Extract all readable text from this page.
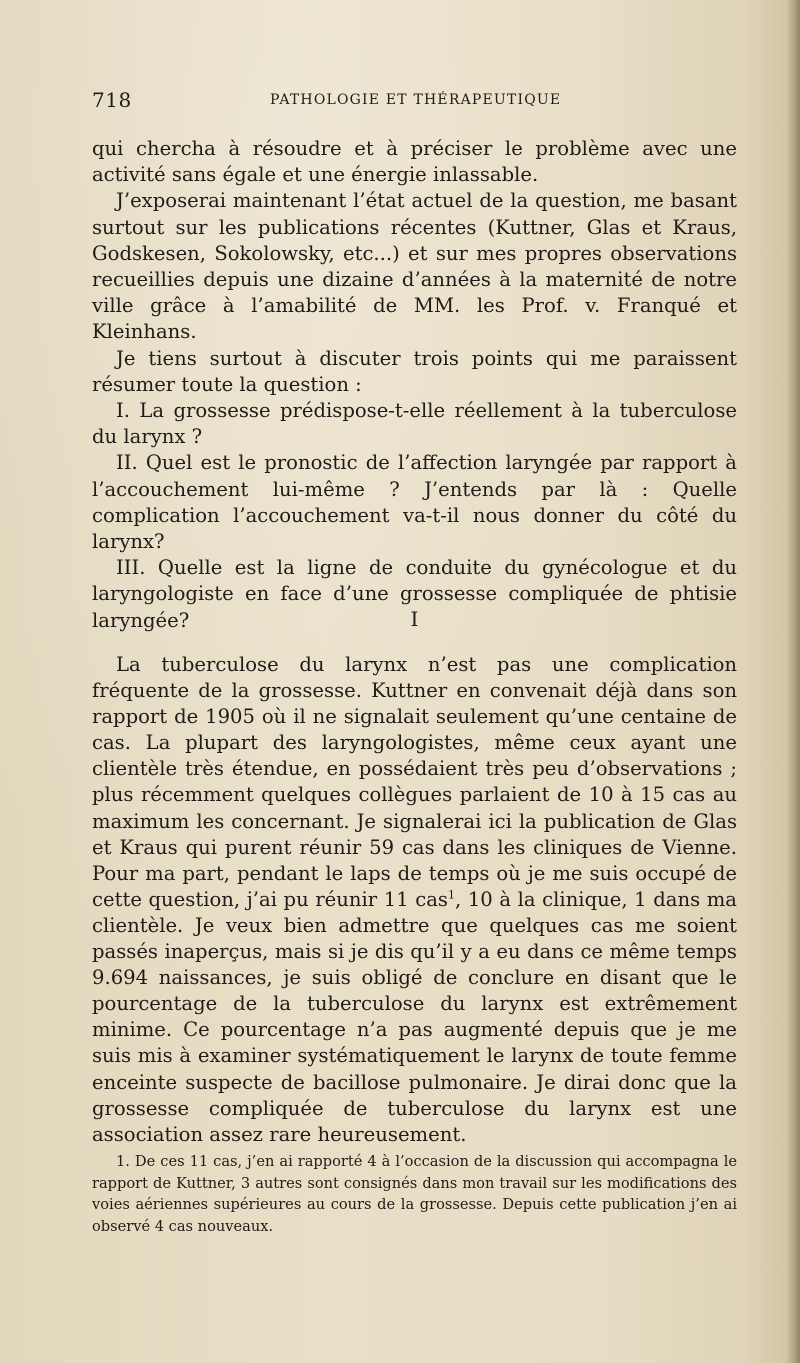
718	PATHOLOGIE ET THÉRAPEUTIQUE

qui chercha à résoudre et à préciser le problème avec une activité sans égale et une énergie inlassable.

J’exposerai maintenant l’état actuel de la question, me basant surtout sur les publications récentes (Kuttner, Glas et Kraus, Godskesen, Sokolowsky, etc...) et sur mes propres observations recueillies depuis une dizaine d’années à la maternité de notre ville grâce à l’amabilité de MM. les Prof. v. Franqué et Kleinhans.

Je tiens surtout à discuter trois points qui me paraissent résumer toute la question :

I. La grossesse prédispose-t-elle réellement à la tuberculose du larynx ?

II. Quel est le pronostic de l’affection laryngée par rapport à l’accouchement lui-même ? J’entends par là : Quelle complication l’accouchement va-t-il nous donner du côté du larynx?

III. Quelle est la ligne de conduite du gynécologue et du laryngologiste en face d’une grossesse compliquée de phtisie laryngée?	I

La tuberculose du larynx n’est pas une complication fréquente de la grossesse. Kuttner en convenait déjà dans son rapport de 1905 où il ne signalait seulement qu’une centaine de cas. La plupart des laryngologistes, même ceux ayant une clientèle très étendue, en possédaient très peu d’observations ; plus récemment quelques collègues parlaient de 10 à 15 cas au maximum les concernant. Je signalerai ici la publication de Glas et Kraus qui purent réunir 59 cas dans les cliniques de Vienne. Pour ma part, pendant le laps de temps où je me suis occupé de cette question, j’ai pu réunir 11 cas$^1$, 10 à la clinique, 1 dans ma clientèle. Je veux bien admettre que quelques cas me soient passés inaperçus, mais si je dis qu’il y a eu dans ce même temps 9.694 naissances, je suis obligé de conclure en disant que le pourcentage de la tuberculose du larynx est extrêmement minime. Ce pourcentage n’a pas augmenté depuis que je me suis mis à examiner systématiquement le larynx de toute femme enceinte suspecte de bacillose pulmonaire. Je dirai donc que la grossesse compliquée de tuberculose du larynx est une association assez rare heureusement.

1. De ces 11 cas, j’en ai rapporté 4 à l’occasion de la discussion qui accompagna le rapport de Kuttner, 3 autres sont consignés dans mon travail sur les modifications des voies aériennes supérieures au cours de la grossesse. Depuis cette publication j’en ai observé 4 cas nouveaux.
